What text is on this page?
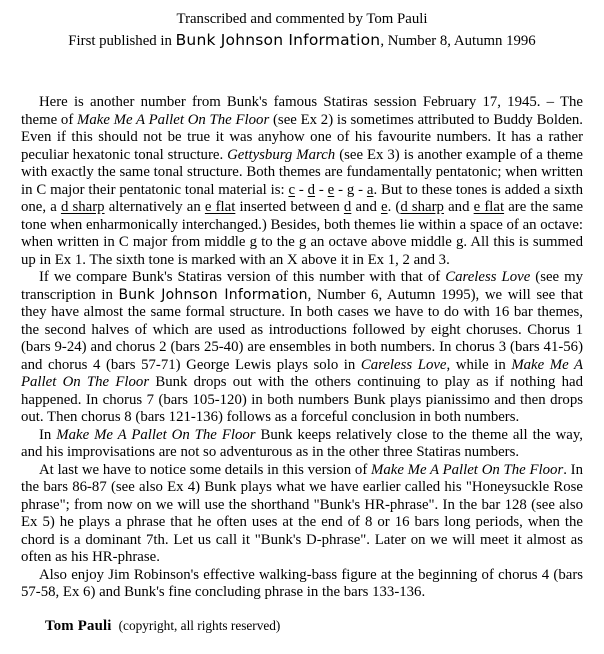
Transcribed and commented by Tom Pauli
First published in Bunk Johnson Information, Number 8, Autumn 1996

Here is another number from Bunk's famous Statiras session February 17, 1945. – The theme of Make Me A Pallet On The Floor (see Ex 2) is sometimes attributed to Buddy Bolden. Even if this should not be true it was anyhow one of his favourite numbers. It has a rather peculiar hexatonic tonal structure. Gettysburg March (see Ex 3) is another example of a theme with exactly the same tonal structure. Both themes are fundamentally pentatonic; when written in C major their pentatonic tonal material is: c - d - e - g - a. But to these tones is added a sixth one, a d sharp alternatively an e flat inserted between d and e. (d sharp and e flat are the same tone when enharmonically interchanged.) Besides, both themes lie within a space of an octave: when written in C major from middle g to the g an octave above middle g. All this is summed up in Ex 1. The sixth tone is marked with an X above it in Ex 1, 2 and 3.

If we compare Bunk's Statiras version of this number with that of Careless Love (see my transcription in Bunk Johnson Information, Number 6, Autumn 1995), we will see that they have almost the same formal structure. In both cases we have to do with 16 bar themes, the second halves of which are used as introductions followed by eight choruses. Chorus 1 (bars 9-24) and chorus 2 (bars 25-40) are ensembles in both numbers. In chorus 3 (bars 41-56) and chorus 4 (bars 57-71) George Lewis plays solo in Careless Love, while in Make Me A Pallet On The Floor Bunk drops out with the others continuing to play as if nothing had happened. In chorus 7 (bars 105-120) in both numbers Bunk plays pianissimo and then drops out. Then chorus 8 (bars 121-136) follows as a forceful conclusion in both numbers.

In Make Me A Pallet On The Floor Bunk keeps relatively close to the theme all the way, and his improvisations are not so adventurous as in the other three Statiras numbers.

At last we have to notice some details in this version of Make Me A Pallet On The Floor. In the bars 86-87 (see also Ex 4) Bunk plays what we have earlier called his "Honeysuckle Rose phrase"; from now on we will use the shorthand "Bunk's HR-phrase". In the bar 128 (see also Ex 5) he plays a phrase that he often uses at the end of 8 or 16 bars long periods, when the chord is a dominant 7th. Let us call it "Bunk's D-phrase". Later on we will meet it almost as often as his HR-phrase.

Also enjoy Jim Robinson's effective walking-bass figure at the beginning of chorus 4 (bars 57-58, Ex 6) and Bunk's fine concluding phrase in the bars 133-136.

Tom Pauli (copyright, all rights reserved)
